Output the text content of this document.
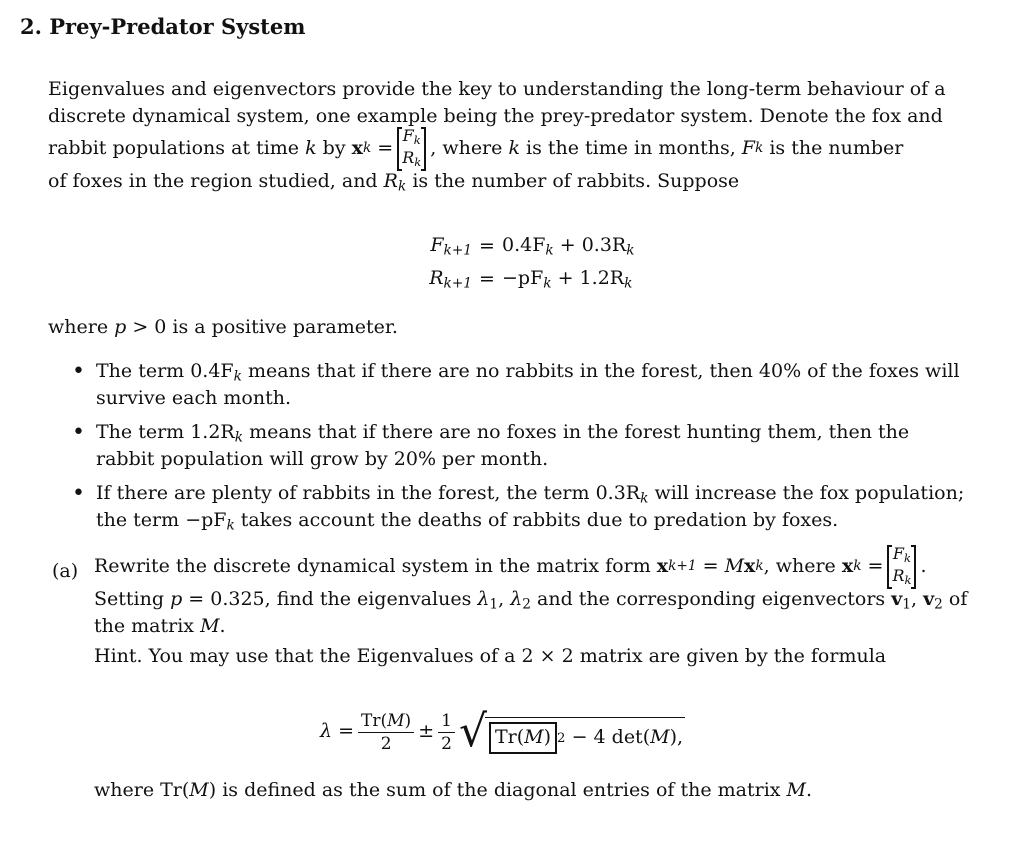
2. Prey-Predator System
Eigenvalues and eigenvectors provide the key to understanding the long-term behaviour of a
discrete dynamical system, one example being the prey-predator system. Denote the fox and
rabbit populations at time
k
by
x k
=
$F_k$
$R_k$
, where
k
is the time in months,
F k
is the number
of foxes in the region studied, and $R_k$ is the number of rabbits. Suppose
$F_{k+1} = 0.4F_k + 0.3R_k$
$R_{k+1} = -pF_k + 1.2R_k$

where p > 0 is a positive parameter.

• The term $0.4F_k$ means that if there are no rabbits in the forest, then 40% of the foxes will
survive each month.
• The term $1.2R_k$ means that if there are no foxes in the forest hunting them, then the
rabbit population will grow by 20% per month.
• If there are plenty of rabbits in the forest, the term $0.3R_k$ will increase the fox population;
the term $-pF_k$ takes account the deaths of rabbits due to predation by foxes.
(a) Rewrite the discrete dynamical system in the matrix form
x k+1
=
M x k , where
x k
=
$F_k$
$R_k$
.
Setting p = 0.325, find the eigenvalues $\lambda_1$, $\lambda_2$ and the corresponding eigenvectors $v_1$, $v_2$ of
the matrix M.
Hint. You may use that the Eigenvalues of a 2 × 2 matrix are given by the formula
λ
= $\frac{Tr(M)}{2} \pm \frac{1}{2}$ √ Tr(M) 2
− 4 det( M ),

where Tr(M) is defined as the sum of the diagonal entries of the matrix M.
